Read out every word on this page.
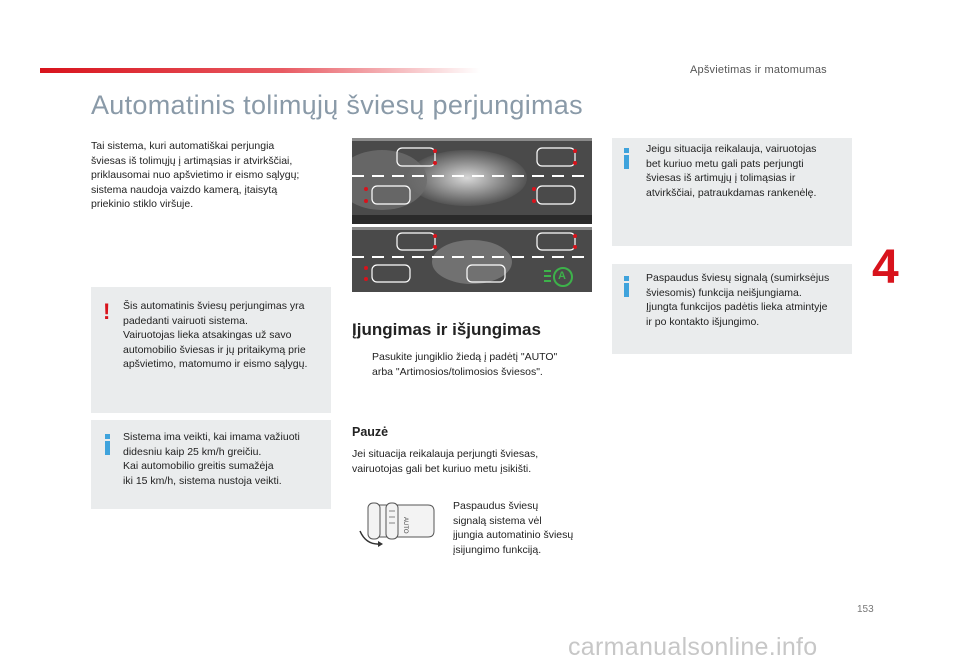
Apšvietimas ir matomumas
Automatinis tolimųjų šviesų perjungimas
Tai sistema, kuri automatiškai perjungia
šviesas iš tolimųjų į artimąsias ir atvirkščiai,
priklausomai nuo apšvietimo ir eismo sąlygų;
sistema naudoja vaizdo kamerą, įtaisytą
priekinio stiklo viršuje.
! Šis automatinis šviesų perjungimas yra
padedanti vairuoti sistema.
Vairuotojas lieka atsakingas už savo
automobilio šviesas ir jų pritaikymą prie
apšvietimo, matomumo ir eismo sąlygų.
Sistema ima veikti, kai imama važiuoti
didesniu kaip 25 km/h greičiu.
Kai automobilio greitis sumažėja
iki 15 km/h, sistema nustoja veikti.
A
Įjungimas ir išjungimas
Pasukite jungiklio žiedą į padėtį "AUTO"
arba "Artimosios/tolimosios šviesos".
Pauzė
Jei situacija reikalauja perjungti šviesas,
vairuotojas gali bet kuriuo metu įsikišti.
AUTO
Paspaudus šviesų
signalą sistema vėl
įjungia automatinio šviesų
įsijungimo funkciją.
Jeigu situacija reikalauja, vairuotojas
bet kuriuo metu gali pats perjungti
šviesas iš artimųjų į tolimąsias ir
atvirkščiai, patraukdamas rankenėlę.
Paspaudus šviesų signalą (sumirksėjus
šviesomis) funkcija neišjungiama.
Įjungta funkcijos padėtis lieka atmintyje
ir po kontakto išjungimo.
4
153
carmanualsonline.info
